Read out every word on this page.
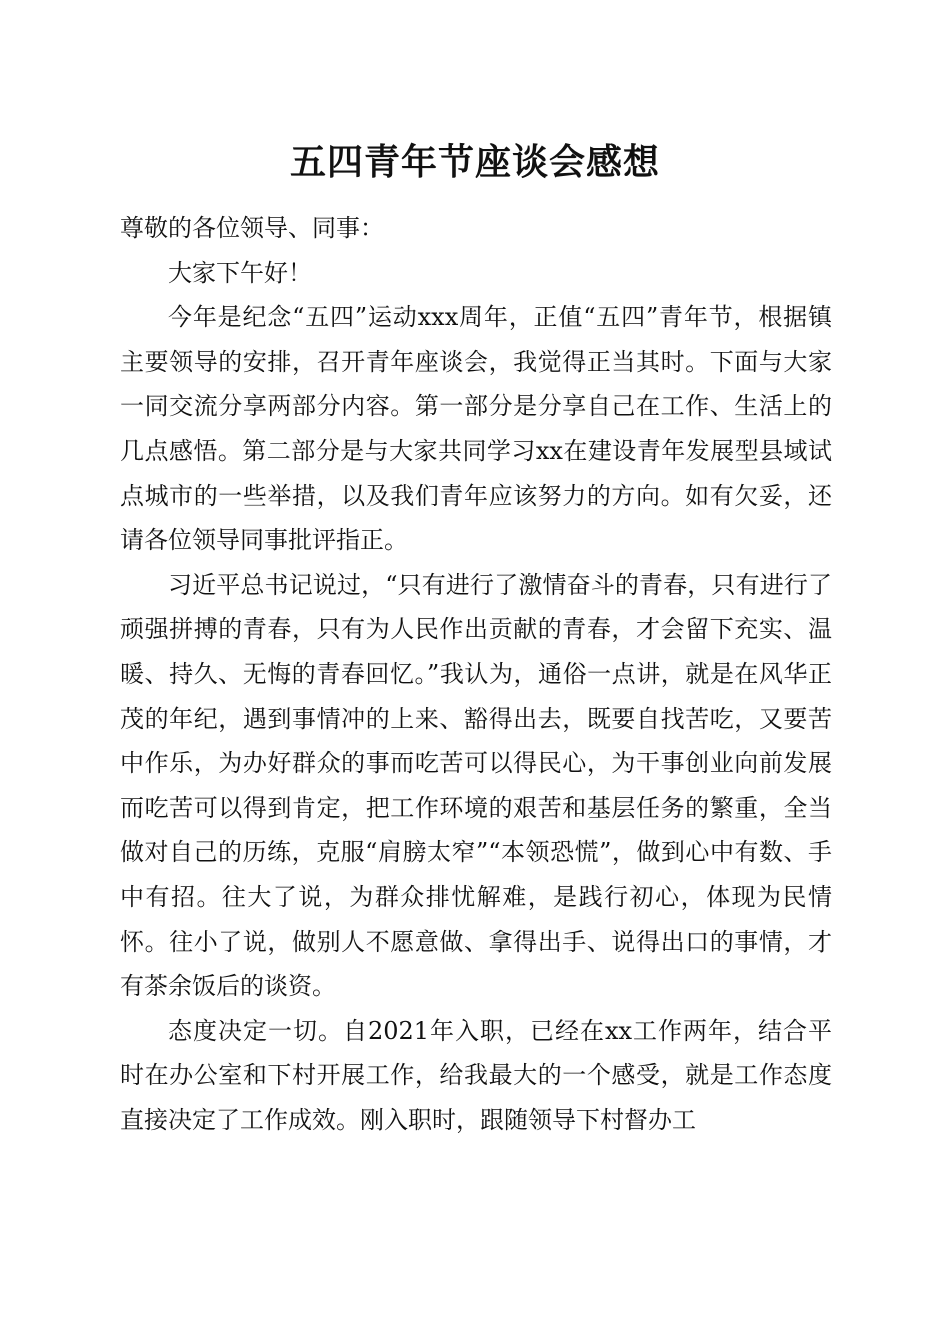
五四青年节座谈会感想

尊敬的各位领导、同事：

大家下午好！

今年是纪念“五四”运动xxx周年，正值“五四”青年节，根据镇主要领导的安排，召开青年座谈会，我觉得正当其时。下面与大家一同交流分享两部分内容。第一部分是分享自己在工作、生活上的几点感悟。第二部分是与大家共同学习xx在建设青年发展型县域试点城市的一些举措，以及我们青年应该努力的方向。如有欠妥，还请各位领导同事批评指正。

习近平总书记说过，“只有进行了激情奋斗的青春，只有进行了顽强拼搏的青春，只有为人民作出贡献的青春，才会留下充实、温暖、持久、无悔的青春回忆。”我认为，通俗一点讲，就是在风华正茂的年纪，遇到事情冲的上来、豁得出去，既要自找苦吃，又要苦中作乐，为办好群众的事而吃苦可以得民心，为干事创业向前发展而吃苦可以得到肯定，把工作环境的艰苦和基层任务的繁重，全当做对自己的历练，克服“肩膀太窄”“本领恐慌”，做到心中有数、手中有招。往大了说，为群众排忧解难，是践行初心，体现为民情怀。往小了说，做别人不愿意做、拿得出手、说得出口的事情，才有茶余饭后的谈资。

态度决定一切。自2021年入职，已经在xx工作两年，结合平时在办公室和下村开展工作，给我最大的一个感受，就是工作态度直接决定了工作成效。刚入职时，跟随领导下村督办工
